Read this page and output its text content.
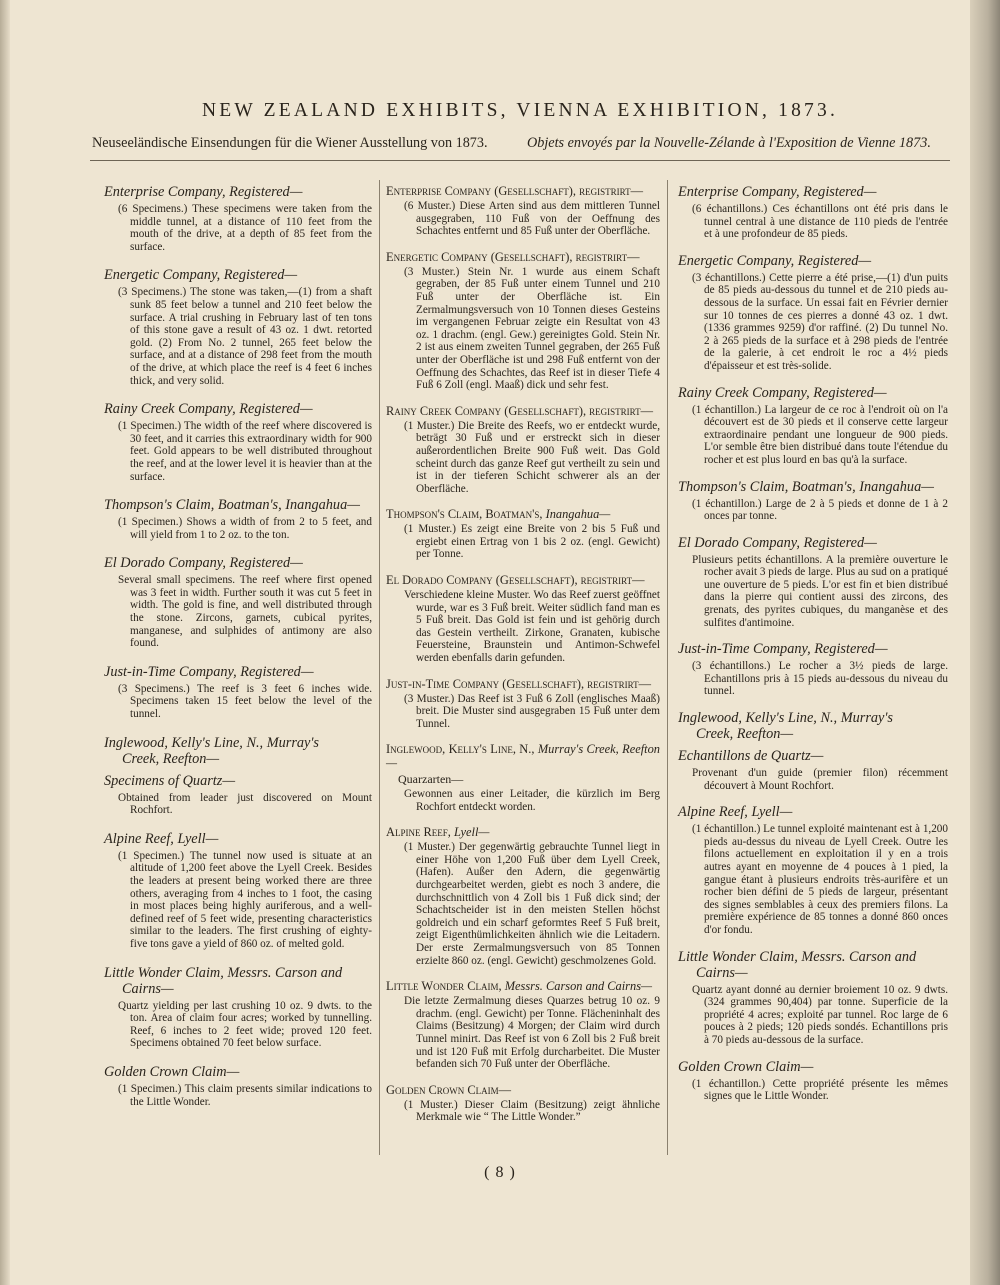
NEW ZEALAND EXHIBITS, VIENNA EXHIBITION, 1873.
Neuseeländische Einsendungen für die Wiener Ausstellung von 1873.	Objets envoyés par la Nouvelle-Zélande à l'Exposition de Vienne 1873.
Enterprise Company, Registered—
(6 Specimens.) These specimens were taken from the middle tunnel, at a distance of 110 feet from the mouth of the drive, at a depth of 85 feet from the surface.
Energetic Company, Registered—
(3 Specimens.) The stone was taken,—(1) from a shaft sunk 85 feet below a tunnel and 210 feet below the surface. A trial crushing in February last of ten tons of this stone gave a result of 43 oz. 1 dwt. retorted gold. (2) From No. 2 tunnel, 265 feet below the surface, and at a distance of 298 feet from the mouth of the drive, at which place the reef is 4 feet 6 inches thick, and very solid.
Rainy Creek Company, Registered—
(1 Specimen.) The width of the reef where discovered is 30 feet, and it carries this extraordinary width for 900 feet. Gold appears to be well distributed throughout the reef, and at the lower level it is heavier than at the surface.
Thompson's Claim, Boatman's, Inangahua—
(1 Specimen.) Shows a width of from 2 to 5 feet, and will yield from 1 to 2 oz. to the ton.
El Dorado Company, Registered—
Several small specimens. The reef where first opened was 3 feet in width. Further south it was cut 5 feet in width. The gold is fine, and well distributed through the stone. Zircons, garnets, cubical pyrites, manganese, and sulphides of antimony are also found.
Just-in-Time Company, Registered—
(3 Specimens.) The reef is 3 feet 6 inches wide. Specimens taken 15 feet below the level of the tunnel.
Inglewood, Kelly's Line, N., Murray's
Creek, Reefton—
Specimens of Quartz—
Obtained from leader just discovered on Mount Rochfort.
Alpine Reef, Lyell—
(1 Specimen.) The tunnel now used is situate at an altitude of 1,200 feet above the Lyell Creek. Besides the leaders at present being worked there are three others, averaging from 4 inches to 1 foot, the casing in most places being highly auriferous, and a well-defined reef of 5 feet wide, presenting characteristics similar to the leaders. The first crushing of eighty-five tons gave a yield of 860 oz. of melted gold.
Little Wonder Claim, Messrs. Carson and
Cairns—
Quartz yielding per last crushing 10 oz. 9 dwts. to the ton. Area of claim four acres; worked by tunnelling. Reef, 6 inches to 2 feet wide; proved 120 feet. Specimens obtained 70 feet below surface.
Golden Crown Claim—
(1 Specimen.) This claim presents similar indications to the Little Wonder.
Enterprise Company (Gesellschaft), registrirt—
(6 Muster.) Diese Arten sind aus dem mittleren Tunnel ausgegraben, 110 Fuß von der Oeffnung des Schachtes entfernt und 85 Fuß unter der Oberfläche.
Energetic Company (Gesellschaft), registrirt—
(3 Muster.) Stein Nr. 1 wurde aus einem Schaft gegraben, der 85 Fuß unter einem Tunnel und 210 Fuß unter der Oberfläche ist. Ein Zermalmungsversuch von 10 Tonnen dieses Gesteins im vergangenen Februar zeigte ein Resultat von 43 oz. 1 drachm. (engl. Gew.) gereinigtes Gold. Stein Nr. 2 ist aus einem zweiten Tunnel gegraben, der 265 Fuß unter der Oberfläche ist und 298 Fuß entfernt von der Oeffnung des Schachtes, das Reef ist in dieser Tiefe 4 Fuß 6 Zoll (engl. Maaß) dick und sehr fest.
Rainy Creek Company (Gesellschaft), registrirt—
(1 Muster.) Die Breite des Reefs, wo er entdeckt wurde, beträgt 30 Fuß und er erstreckt sich in dieser außerordentlichen Breite 900 Fuß weit. Das Gold scheint durch das ganze Reef gut vertheilt zu sein und ist in der tieferen Schicht schwerer als an der Oberfläche.
Thompson's Claim, Boatman's, Inangahua—
(1 Muster.) Es zeigt eine Breite von 2 bis 5 Fuß und ergiebt einen Ertrag von 1 bis 2 oz. (engl. Gewicht) per Tonne.
El Dorado Company (Gesellschaft), registrirt—
Verschiedene kleine Muster. Wo das Reef zuerst geöffnet wurde, war es 3 Fuß breit. Weiter südlich fand man es 5 Fuß breit. Das Gold ist fein und ist gehörig durch das Gestein vertheilt. Zirkone, Granaten, kubische Feuersteine, Braunstein und Antimon-Schwefel werden ebenfalls darin gefunden.
Just-in-Time Company (Gesellschaft), registrirt—
(3 Muster.) Das Reef ist 3 Fuß 6 Zoll (englisches Maaß) breit. Die Muster sind ausgegraben 15 Fuß unter dem Tunnel.
Inglewood, Kelly's Line, N., Murray's Creek, Reefton—
Quarzarten—
Gewonnen aus einer Leitader, die kürzlich im Berg Rochfort entdeckt worden.
Alpine Reef, Lyell—
(1 Muster.) Der gegenwärtig gebrauchte Tunnel liegt in einer Höhe von 1,200 Fuß über dem Lyell Creek, (Hafen). Außer den Adern, die gegenwärtig durchgearbeitet werden, giebt es noch 3 andere, die durchschnittlich von 4 Zoll bis 1 Fuß dick sind; der Schachtscheider ist in den meisten Stellen höchst goldreich und ein scharf geformtes Reef 5 Fuß breit, zeigt Eigenthümlichkeiten ähnlich wie die Leitadern. Der erste Zermalmungsversuch von 85 Tonnen erzielte 860 oz. (engl. Gewicht) geschmolzenes Gold.
Little Wonder Claim, Messrs. Carson and Cairns—
Die letzte Zermalmung dieses Quarzes betrug 10 oz. 9 drachm. (engl. Gewicht) per Tonne. Flächeninhalt des Claims (Besitzung) 4 Morgen; der Claim wird durch Tunnel minirt. Das Reef ist von 6 Zoll bis 2 Fuß breit und ist 120 Fuß mit Erfolg durcharbeitet. Die Muster befanden sich 70 Fuß unter der Oberfläche.
Golden Crown Claim—
(1 Muster.) Dieser Claim (Besitzung) zeigt ähnliche Merkmale wie “ The Little Wonder.”
Enterprise Company, Registered—
(6 échantillons.) Ces échantillons ont été pris dans le tunnel central à une distance de 110 pieds de l'entrée et à une profondeur de 85 pieds.
Energetic Company, Registered—
(3 échantillons.) Cette pierre a été prise,—(1) d'un puits de 85 pieds au-dessous du tunnel et de 210 pieds au-dessous de la surface. Un essai fait en Février dernier sur 10 tonnes de ces pierres a donné 43 oz. 1 dwt. (1336 grammes 9259) d'or raffiné. (2) Du tunnel No. 2 à 265 pieds de la surface et à 298 pieds de l'entrée de la galerie, à cet endroit le roc a 4½ pieds d'épaisseur et est très-solide.
Rainy Creek Company, Registered—
(1 échantillon.) La largeur de ce roc à l'endroit où on l'a découvert est de 30 pieds et il conserve cette largeur extraordinaire pendant une longueur de 900 pieds. L'or semble être bien distribué dans toute l'étendue du rocher et est plus lourd en bas qu'à la surface.
Thompson's Claim, Boatman's, Inangahua—
(1 échantillon.) Large de 2 à 5 pieds et donne de 1 à 2 onces par tonne.
El Dorado Company, Registered—
Plusieurs petits échantillons. A la première ouverture le rocher avait 3 pieds de large. Plus au sud on a pratiqué une ouverture de 5 pieds. L'or est fin et bien distribué dans la pierre qui contient aussi des zircons, des grenats, des pyrites cubiques, du manganèse et des sulfites d'antimoine.
Just-in-Time Company, Registered—
(3 échantillons.) Le rocher a 3½ pieds de large. Echantillons pris à 15 pieds au-dessous du niveau du tunnel.
Inglewood, Kelly's Line, N., Murray's
Creek, Reefton—
Echantillons de Quartz—
Provenant d'un guide (premier filon) récemment découvert à Mount Rochfort.
Alpine Reef, Lyell—
(1 échantillon.) Le tunnel exploité maintenant est à 1,200 pieds au-dessus du niveau de Lyell Creek. Outre les filons actuellement en exploitation il y en a trois autres ayant en moyenne de 4 pouces à 1 pied, la gangue étant à plusieurs endroits très-aurifère et un rocher bien défini de 5 pieds de largeur, présentant des signes semblables à ceux des premiers filons. La première expérience de 85 tonnes a donné 860 onces d'or fondu.
Little Wonder Claim, Messrs. Carson and
Cairns—
Quartz ayant donné au dernier broiement 10 oz. 9 dwts. (324 grammes 90,404) par tonne. Superficie de la propriété 4 acres; exploité par tunnel. Roc large de 6 pouces à 2 pieds; 120 pieds sondés. Echantillons pris à 70 pieds au-dessous de la surface.
Golden Crown Claim—
(1 échantillon.) Cette propriété présente les mêmes signes que le Little Wonder.
( 8 )
